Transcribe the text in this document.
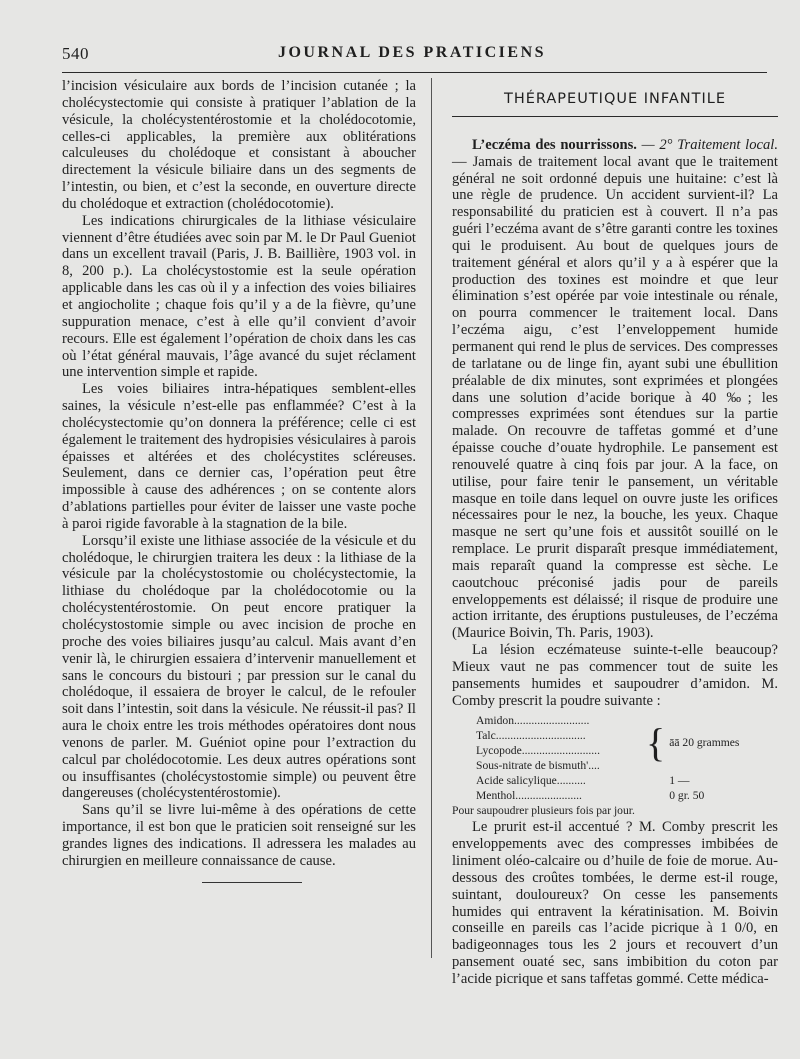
540	JOURNAL DES PRATICIENS

l’incision vésiculaire aux bords de l’incision cutanée ; la cholécystectomie qui consiste à pratiquer l’ablation de la vésicule, la cholécystentérostomie et la cholédocotomie, celles-ci applicables, la première aux oblitérations calculeuses du cholédoque et consistant à aboucher directement la vésicule biliaire dans un des segments de l’intestin, ou bien, et c’est la seconde, en ouverture directe du cholédoque et extraction (cholédocotomie).

Les indications chirurgicales de la lithiase vésiculaire viennent d’être étudiées avec soin par M. le Dr Paul Gueniot dans un excellent travail (Paris, J. B. Baillière, 1903 vol. in 8, 200 p.). La cholécystostomie est la seule opération applicable dans les cas où il y a infection des voies biliaires et angiocholite ; chaque fois qu’il y a de la fièvre, qu’une suppuration menace, c’est à elle qu’il convient d’avoir recours. Elle est également l’opération de choix dans les cas où l’état général mauvais, l’âge avancé du sujet réclament une intervention simple et rapide.

Les voies biliaires intra-hépatiques semblent-elles saines, la vésicule n’est-elle pas enflammée? C’est à la cholécystectomie qu’on donnera la préférence; celle ci est également le traitement des hydropisies vésiculaires à parois épaisses et altérées et des cholécystites scléreuses. Seulement, dans ce dernier cas, l’opération peut être impossible à cause des adhérences ; on se contente alors d’ablations partielles pour éviter de laisser une vaste poche à paroi rigide favorable à la stagnation de la bile.

Lorsqu’il existe une lithiase associée de la vésicule et du cholédoque, le chirurgien traitera les deux : la lithiase de la vésicule par la cholécystostomie ou cholécystectomie, la lithiase du cholédoque par la cholédocotomie ou la cholécystentérostomie. On peut encore pratiquer la cholécystostomie simple ou avec incision de proche en proche des voies biliaires jusqu’au calcul. Mais avant d’en venir là, le chirurgien essaiera d’intervenir manuellement et sans le concours du bistouri ; par pression sur le canal du cholédoque, il essaiera de broyer le calcul, de le refouler soit dans l’intestin, soit dans la vésicule. Ne réussit-il pas? Il aura le choix entre les trois méthodes opératoires dont nous venons de parler. M. Guéniot opine pour l’extraction du calcul par cholédocotomie. Les deux autres opérations sont ou insuffisantes (cholécystostomie simple) ou peuvent être dangereuses (cholécystentérostomie).

Sans qu’il se livre lui-même à des opérations de cette importance, il est bon que le praticien soit renseigné sur les grandes lignes des indications. Il adressera les malades au chirurgien en meilleure connaissance de cause.

THÉRAPEUTIQUE INFANTILE

L’eczéma des nourrissons. — 2° Traitement local. — Jamais de traitement local avant que le traitement général ne soit ordonné depuis une huitaine: c’est là une règle de prudence. Un accident survient-il? La responsabilité du praticien est à couvert. Il n’a pas guéri l’eczéma avant de s’être garanti contre les toxines qui le produisent. Au bout de quelques jours de traitement général et alors qu’il y a à espérer que la production des toxines est moindre et que leur élimination s’est opérée par voie intestinale ou rénale, on pourra commencer le traitement local. Dans l’eczéma aigu, c’est l’enveloppement humide permanent qui rend le plus de services. Des compresses de tarlatane ou de linge fin, ayant subi une ébullition préalable de dix minutes, sont exprimées et plongées dans une solution d’acide borique à 40 ‰; les compresses exprimées sont étendues sur la partie malade. On recouvre de taffetas gommé et d’une épaisse couche d’ouate hydrophile. Le pansement est renouvelé quatre à cinq fois par jour. A la face, on utilise, pour faire tenir le pansement, un véritable masque en toile dans lequel on ouvre juste les orifices nécessaires pour le nez, la bouche, les yeux. Chaque masque ne sert qu’une fois et aussitôt souillé on le remplace. Le prurit disparaît presque immédiatement, mais reparaît quand la compresse est sèche. Le caoutchouc préconisé jadis pour de pareils enveloppements est délaissé; il risque de produire une action irritante, des éruptions pustuleuses, de l’eczéma (Maurice Boivin, Th. Paris, 1903).

La lésion eczémateuse suinte-t-elle beaucoup? Mieux vaut ne pas commencer tout de suite les pansements humides et saupoudrer d’amidon. M. Comby prescrit la poudre suivante :

Amidon..........................	{	āā 20 grammes
Talc...............................		
Lycopode...........................		
Sous-nitrate de bismuth'....		
Acide salicylique..........		1 —
Menthol.......................		0 gr. 50

Pour saupoudrer plusieurs fois par jour.

Le prurit est-il accentué ? M. Comby prescrit les enveloppements avec des compresses imbibées de liniment oléo-calcaire ou d’huile de foie de morue. Au-dessous des croûtes tombées, le derme est-il rouge, suintant, douloureux? On cesse les pansements humides qui entravent la kératinisation. M. Boivin conseille en pareils cas l’acide picrique à 1 0/0, en badigeonnages tous les 2 jours et recouvert d’un pansement ouaté sec, sans imbibition du coton par l’acide picrique et sans taffetas gommé. Cette médica-
